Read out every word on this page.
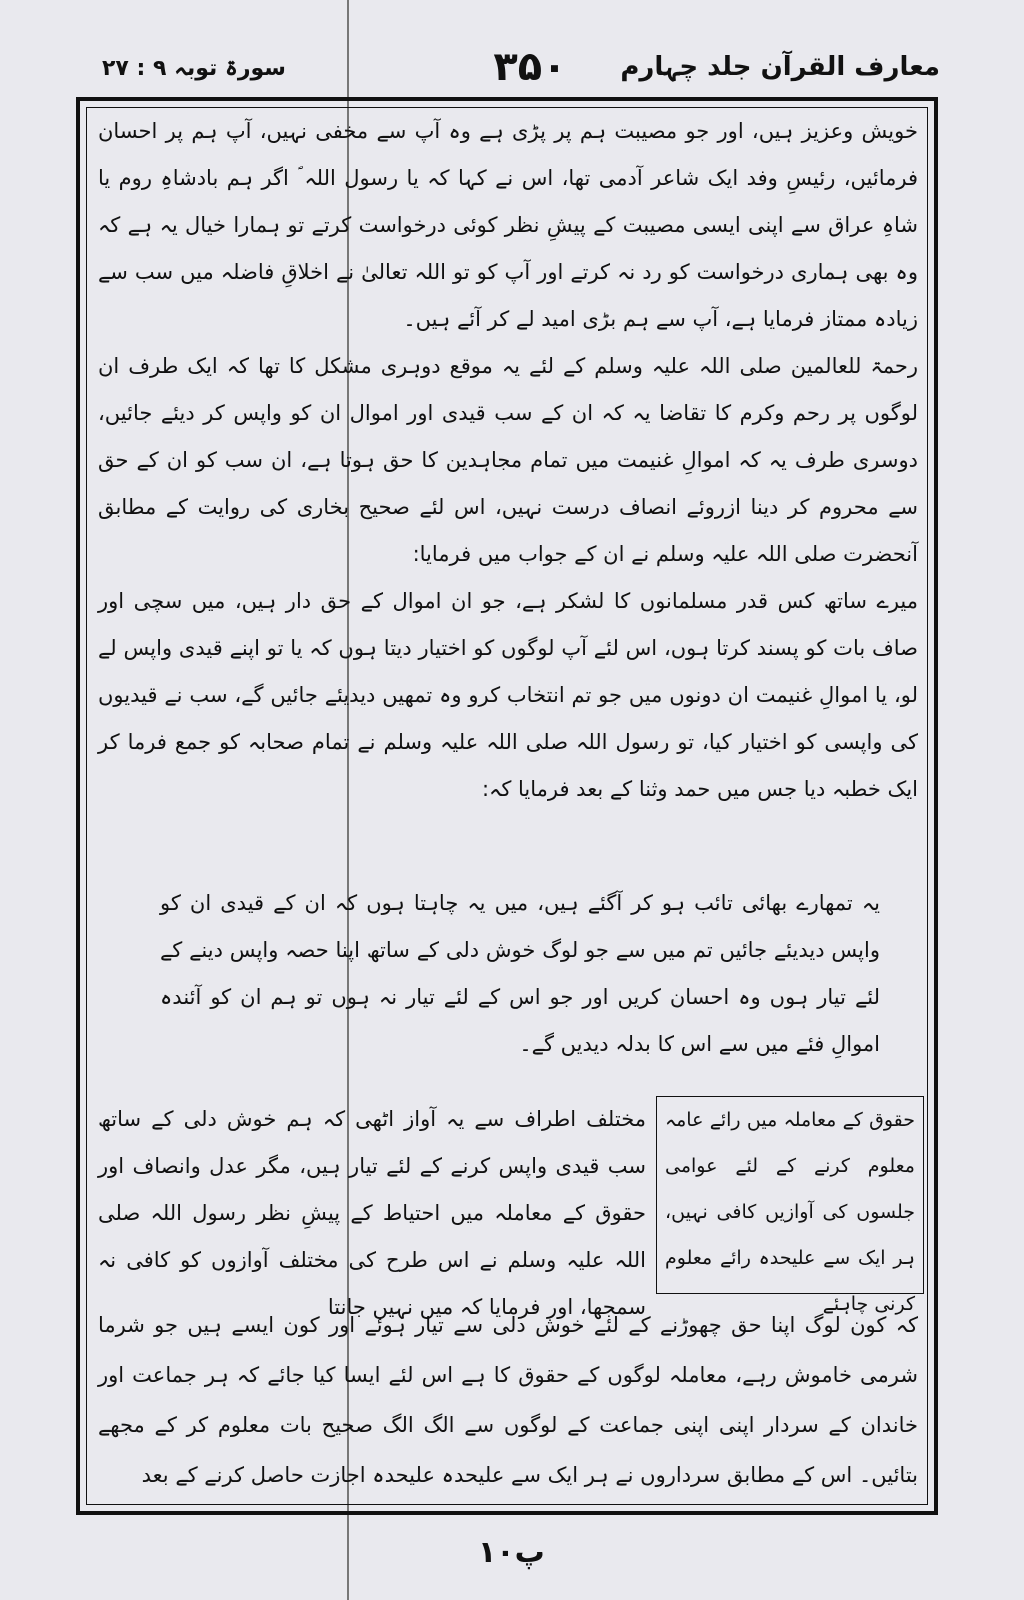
سورۃ توبہ ۹ : ۲۷	۳۵۰	معارف القرآن جلد چہارم

خویش وعزیز ہیں، اور جو مصیبت ہم پر پڑی ہے وہ آپ سے مخفی نہیں، آپ ہم پر احسان فرمائیں، رئیسِ وفد ایک شاعر آدمی تھا، اس نے کہا کہ یا رسول اللہ ؐ اگر ہم بادشاہِ روم یا شاہِ عراق سے اپنی ایسی مصیبت کے پیشِ نظر کوئی درخواست کرتے تو ہمارا خیال یہ ہے کہ وہ بھی ہماری درخواست کو رد نہ کرتے اور آپ کو تو اللہ تعالیٰ نے اخلاقِ فاضلہ میں سب سے زیادہ ممتاز فرمایا ہے، آپ سے ہم بڑی امید لے کر آئے ہیں۔

رحمۃ للعالمین صلی اللہ علیہ وسلم کے لئے یہ موقع دوہری مشکل کا تھا کہ ایک طرف ان لوگوں پر رحم وکرم کا تقاضا یہ کہ ان کے سب قیدی اور اموال ان کو واپس کر دیئے جائیں، دوسری طرف یہ کہ اموالِ غنیمت میں تمام مجاہدین کا حق ہوتا ہے، ان سب کو ان کے حق سے محروم کر دینا ازروئے انصاف درست نہیں، اس لئے صحیح بخاری کی روایت کے مطابق آنحضرت صلی اللہ علیہ وسلم نے ان کے جواب میں فرمایا:

میرے ساتھ کس قدر مسلمانوں کا لشکر ہے، جو ان اموال کے حق دار ہیں، میں سچی اور صاف بات کو پسند کرتا ہوں، اس لئے آپ لوگوں کو اختیار دیتا ہوں کہ یا تو اپنے قیدی واپس لے لو، یا اموالِ غنیمت ان دونوں میں جو تم انتخاب کرو وہ تمھیں دیدیئے جائیں گے، سب نے قیدیوں کی واپسی کو اختیار کیا، تو رسول اللہ صلی اللہ علیہ وسلم نے تمام صحابہ کو جمع فرما کر ایک خطبہ دیا جس میں حمد وثنا کے بعد فرمایا کہ:

یہ تمھارے بھائی تائب ہو کر آگئے ہیں، میں یہ چاہتا ہوں کہ ان کے قیدی ان کو واپس دیدیئے جائیں تم میں سے جو لوگ خوش دلی کے ساتھ اپنا حصہ واپس دینے کے لئے تیار ہوں وہ احسان کریں اور جو اس کے لئے تیار نہ ہوں تو ہم ان کو آئندہ اموالِ فئے میں سے اس کا بدلہ دیدیں گے۔

حقوق کے معاملہ میں رائے عامہ معلوم کرنے کے لئے عوامی جلسوں کی آوازیں کافی نہیں، ہر ایک سے علیحدہ رائے معلوم کرنی چاہئے
مختلف اطراف سے یہ آواز اٹھی کہ ہم خوش دلی کے ساتھ سب قیدی واپس کرنے کے لئے تیار ہیں، مگر عدل وانصاف اور حقوق کے معاملہ میں احتیاط کے پیشِ نظر رسول اللہ صلی اللہ علیہ وسلم نے اس طرح کی مختلف آوازوں کو کافی نہ سمجھا، اور فرمایا کہ میں نہیں جانتا
کہ کون لوگ اپنا حق چھوڑنے کے لئے خوش دلی سے تیار ہوئے اور کون ایسے ہیں جو شرما شرمی خاموش رہے، معاملہ لوگوں کے حقوق کا ہے اس لئے ایسا کیا جائے کہ ہر جماعت اور خاندان کے سردار اپنی اپنی جماعت کے لوگوں سے الگ الگ صحیح بات معلوم کر کے مجھے بتائیں۔ اس کے مطابق سرداروں نے ہر ایک سے علیحدہ علیحدہ اجازت حاصل کرنے کے بعد
پ۱۰
